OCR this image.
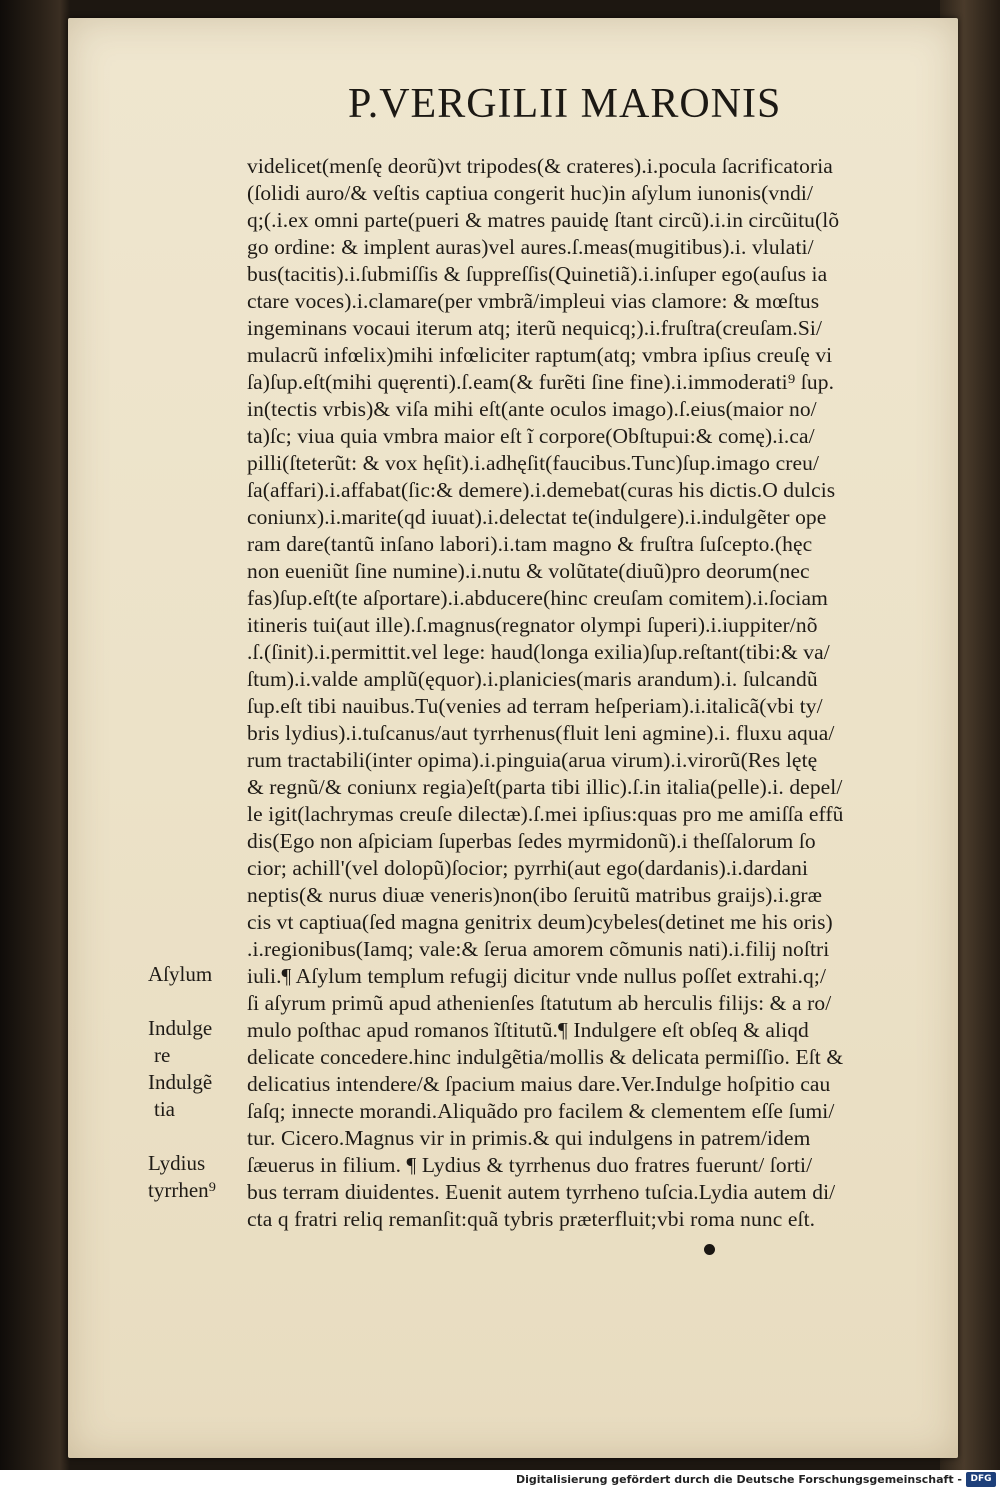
P.VERGILII MARONIS
videlicet(menſę deorũ)vt tripodes(& crateres).i.pocula ſacrificatoria
(ſolidi auro/& veſtis captiua congerit huc)in aſylum iunonis(vndi/
q;(.i.ex omni parte(pueri & matres pauidę ſtant circũ).i.in circũitu(lõ
go ordine: & implent auras)vel aures.ſ.meas(mugitibus).i. vlulati/
bus(tacitis).i.ſubmiſſis & ſuppreſſis(Quinetiã).i.inſuper ego(auſus ia
ctare voces).i.clamare(per vmbrã/impleui vias clamore: & mœſtus
ingeminans vocaui iterum atq; iterũ nequicq;).i.fruſtra(creuſam.Si/
mulacrũ infœlix)mihi infœliciter raptum(atq; vmbra ipſius creuſę vi
ſa)ſup.eſt(mihi quęrenti).ſ.eam(& furẽti ſine fine).i.immoderati⁹ ſup.
in(tectis vrbis)& viſa mihi eſt(ante oculos imago).ſ.eius(maior no/
ta)ſc; viua quia vmbra maior eſt ĩ corpore(Obſtupui:& comę).i.ca/
pilli(ſteterũt: & vox hęſit).i.adhęſit(faucibus.Tunc)ſup.imago creu/
ſa(affari).i.affabat(ſic:& demere).i.demebat(curas his dictis.O dulcis
coniunx).i.marite(qd iuuat).i.delectat te(indulgere).i.indulgẽter ope
ram dare(tantũ inſano labori).i.tam magno & fruſtra ſuſcepto.(hęc
non eueniũt ſine numine).i.nutu & volũtate(diuũ)pro deorum(nec
fas)ſup.eſt(te aſportare).i.abducere(hinc creuſam comitem).i.ſociam
itineris tui(aut ille).ſ.magnus(regnator olympi ſuperi).i.iuppiter/nõ
.ſ.(ſinit).i.permittit.vel lege: haud(longa exilia)ſup.reſtant(tibi:& va/
ſtum).i.valde amplũ(ęquor).i.planicies(maris arandum).i. ſulcandũ
ſup.eſt tibi nauibus.Tu(venies ad terram heſperiam).i.italicã(vbi ty/
bris lydius).i.tuſcanus/aut tyrrhenus(fluit leni agmine).i. fluxu aqua/
rum tractabili(inter opima).i.pinguia(arua virum).i.virorũ(Res lętę
& regnũ/& coniunx regia)eſt(parta tibi illic).ſ.in italia(pelle).i. depel/
le igit(lachrymas creuſe dilectæ).ſ.mei ipſius:quas pro me amiſſa effũ
dis(Ego non aſpiciam ſuperbas ſedes myrmidonũ).i theſſalorum ſo
cior; achill'(vel dolopũ)ſocior; pyrrhi(aut ego(dardanis).i.dardani
neptis(& nurus diuæ veneris)non(ibo ſeruitũ matribus graijs).i.græ
cis vt captiua(ſed magna genitrix deum)cybeles(detinet me his oris)
.i.regionibus(Iamq; vale:& ſerua amorem cõmunis nati).i.filij noſtri
iuli.¶ Aſylum templum refugij dicitur vnde nullus poſſet extrahi.q;/
ſi aſyrum primũ apud athenienſes ſtatutum ab herculis filijs: & a ro/
mulo poſthac apud romanos ĩſtitutũ.¶ Indulgere eſt obſeq & aliqd
delicate concedere.hinc indulgẽtia/mollis & delicata permiſſio. Eſt &
delicatius intendere/& ſpacium maius dare.Ver.Indulge hoſpitio cau
ſaſq; innecte morandi.Aliquãdo pro facilem & clementem eſſe ſumi/
tur. Cicero.Magnus vir in primis.& qui indulgens in patrem/idem
ſæuerus in filium. ¶ Lydius & tyrrhenus duo fratres fuerunt/ ſorti/
bus terram diuidentes. Euenit autem tyrrheno tuſcia.Lydia autem di/
cta q fratri reliq remanſit:quã tybris præterfluit;vbi roma nunc eſt.
Aſylum
Indulge
re
Indulgẽ
tia
Lydius
tyrrhen⁹
Digitalisierung gefördert durch die Deutsche Forschungsgemeinschaft - DFG
